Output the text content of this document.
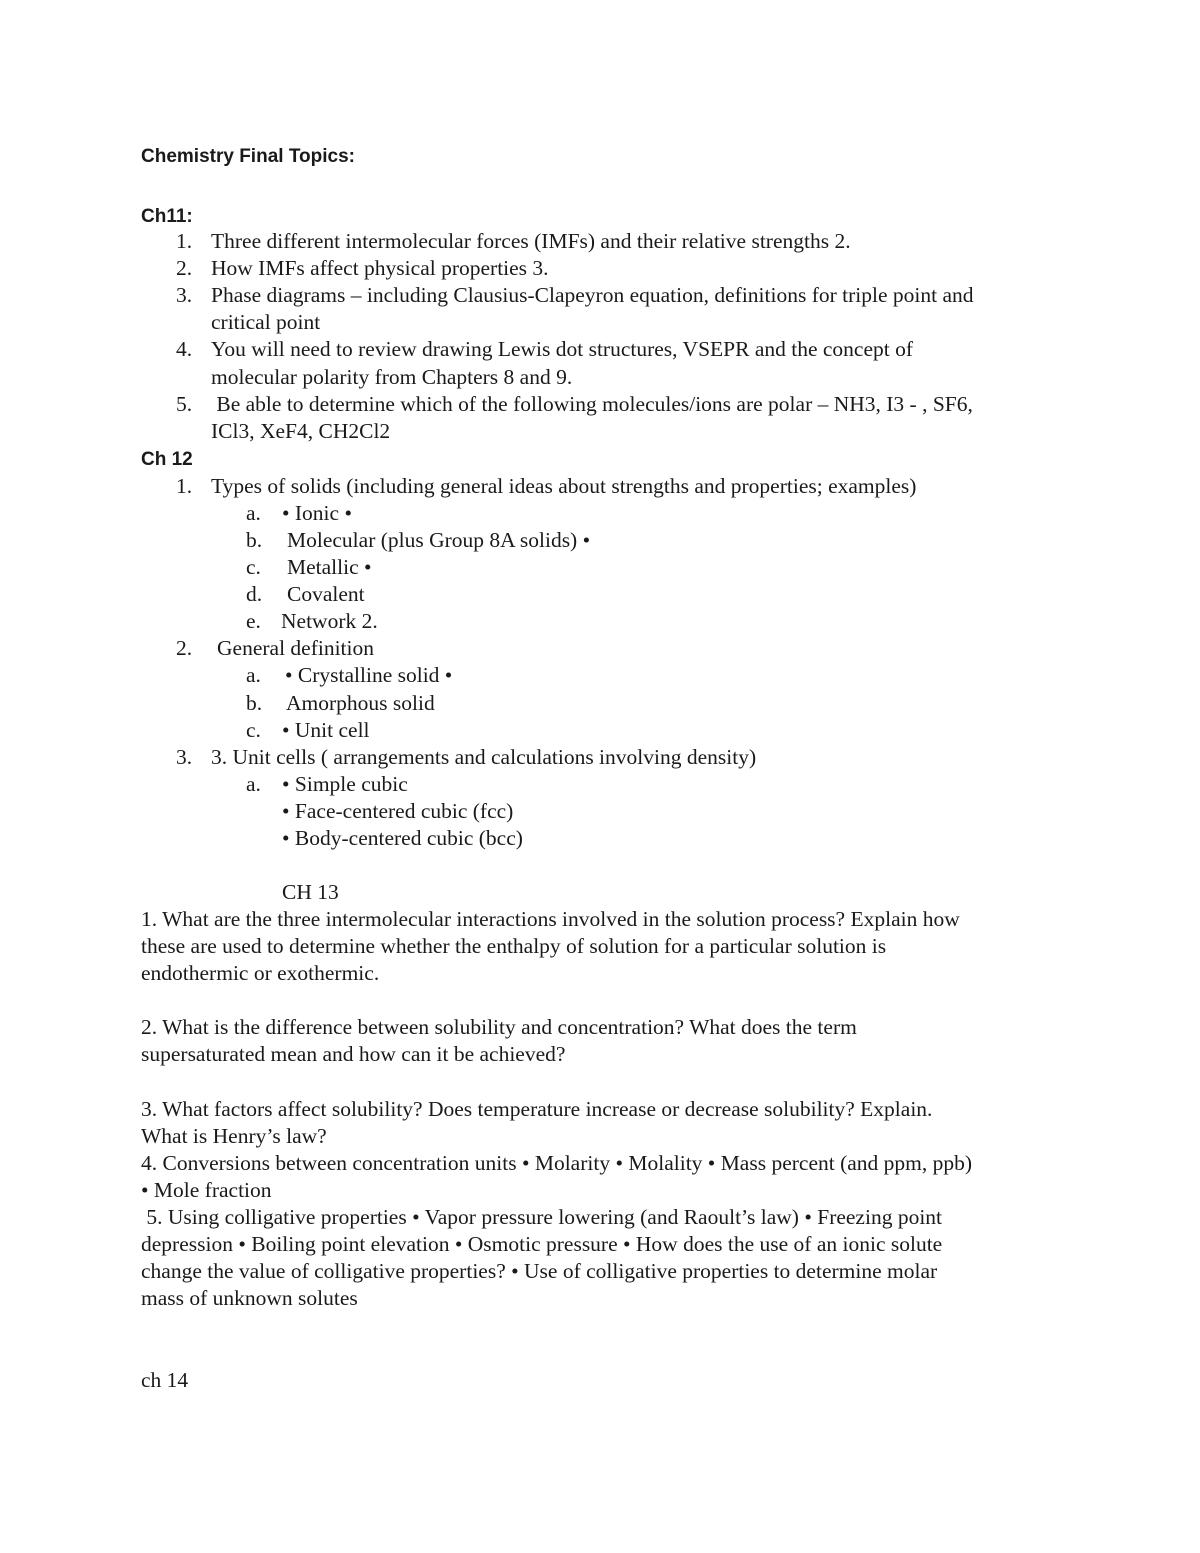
Chemistry Final Topics:
Ch11:
1. Three different intermolecular forces (IMFs) and their relative strengths 2.
2. How IMFs affect physical properties 3.
3. Phase diagrams – including Clausius-Clapeyron equation, definitions for triple point and
critical point
4. You will need to review drawing Lewis dot structures, VSEPR and the concept of
molecular polarity from Chapters 8 and 9.
5. Be able to determine which of the following molecules/ions are polar – NH3, I3 - , SF6,
ICl3, XeF4, CH2Cl2
Ch 12
1. Types of solids (including general ideas about strengths and properties; examples)
a. • Ionic •
b. Molecular (plus Group 8A solids) •
c. Metallic •
d. Covalent
e. Network 2.
2. General definition
a. • Crystalline solid •
b. Amorphous solid
c. • Unit cell
3. 3. Unit cells ( arrangements and calculations involving density)
a. • Simple cubic
• Face-centered cubic (fcc)
• Body-centered cubic (bcc)
CH 13
1. What are the three intermolecular interactions involved in the solution process? Explain how
these are used to determine whether the enthalpy of solution for a particular solution is
endothermic or exothermic.
2. What is the difference between solubility and concentration? What does the term
supersaturated mean and how can it be achieved?
3. What factors affect solubility? Does temperature increase or decrease solubility? Explain.
What is Henry’s law?
4. Conversions between concentration units • Molarity • Molality • Mass percent (and ppm, ppb)
• Mole fraction
5. Using colligative properties • Vapor pressure lowering (and Raoult’s law) • Freezing point
depression • Boiling point elevation • Osmotic pressure • How does the use of an ionic solute
change the value of colligative properties? • Use of colligative properties to determine molar
mass of unknown solutes
ch 14
